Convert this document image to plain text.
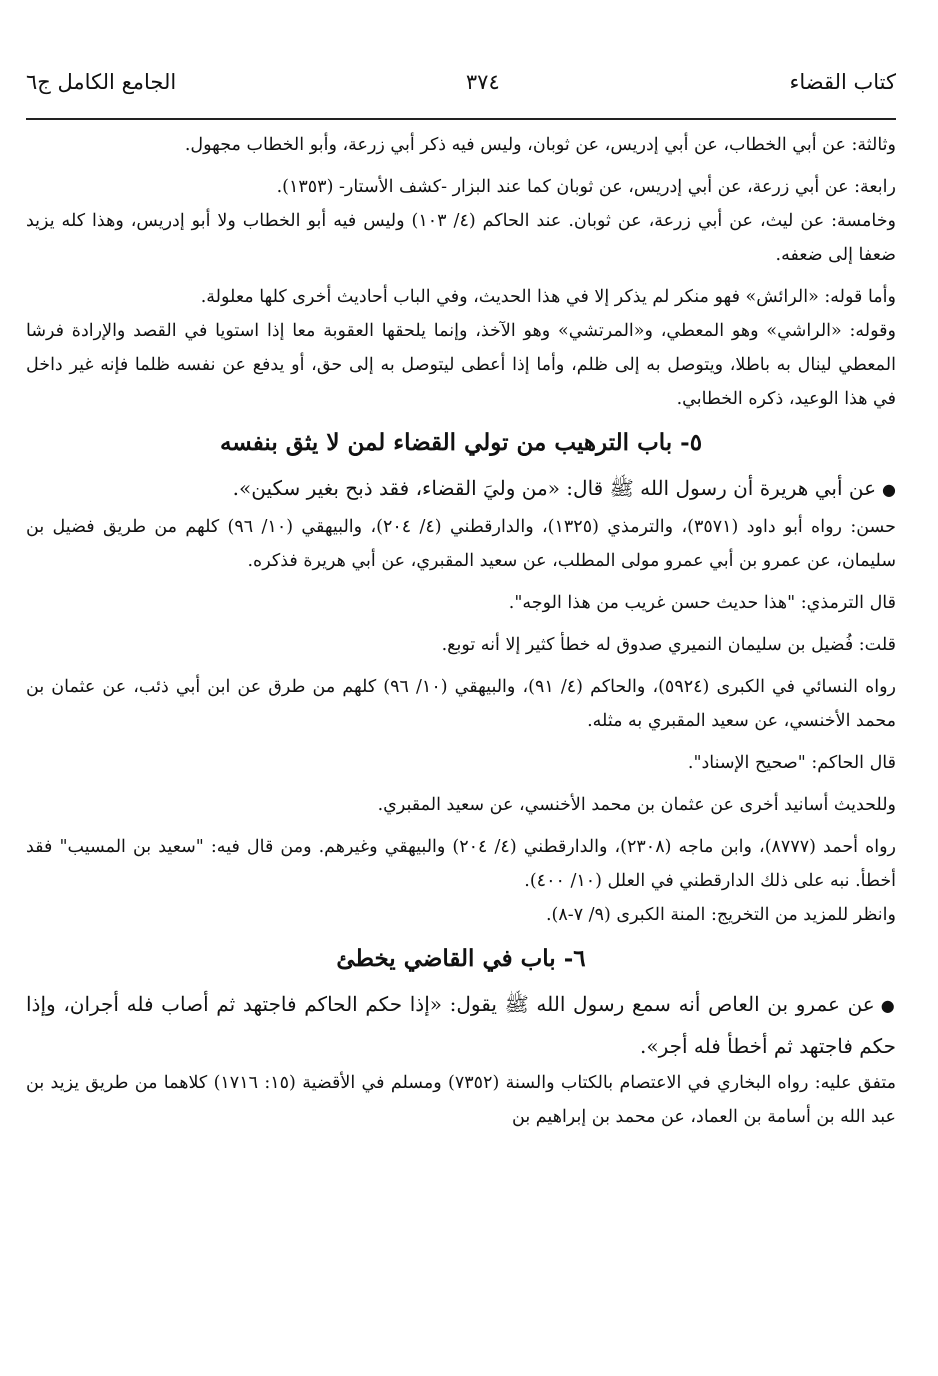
كتاب القضاء
٣٧٤
الجامع الكامل ج٦

وثالثة: عن أبي الخطاب، عن أبي إدريس، عن ثوبان، وليس فيه ذكر أبي زرعة، وأبو الخطاب مجهول.

رابعة: عن أبي زرعة، عن أبي إدريس، عن ثوبان كما عند البزار -كشف الأستار- (١٣٥٣).

وخامسة: عن ليث، عن أبي زرعة، عن ثوبان. عند الحاكم (٤/ ١٠٣) وليس فيه أبو الخطاب ولا أبو إدريس، وهذا كله يزيد ضعفا إلى ضعفه.

وأما قوله: «الرائش» فهو منكر لم يذكر إلا في هذا الحديث، وفي الباب أحاديث أخرى كلها معلولة.

وقوله: «الراشي» وهو المعطي، و«المرتشي» وهو الآخذ، وإنما يلحقها العقوبة معا إذا استويا في القصد والإرادة فرشا المعطي لينال به باطلا، ويتوصل به إلى ظلم، وأما إذا أعطى ليتوصل به إلى حق، أو يدفع عن نفسه ظلما فإنه غير داخل في هذا الوعيد، ذكره الخطابي.

٥- باب الترهيب من تولي القضاء لمن لا يثق بنفسه

●عن أبي هريرة أن رسول الله ﷺ قال: «من وليَ القضاء، فقد ذبح بغير سكين».

حسن: رواه أبو داود (٣٥٧١)، والترمذي (١٣٢٥)، والدارقطني (٤/ ٢٠٤)، والبيهقي (١٠/ ٩٦) كلهم من طريق فضيل بن سليمان، عن عمرو بن أبي عمرو مولى المطلب، عن سعيد المقبري، عن أبي هريرة فذكره.

قال الترمذي: "هذا حديث حسن غريب من هذا الوجه".

قلت: فُضيل بن سليمان النميري صدوق له خطأ كثير إلا أنه توبع.

رواه النسائي في الكبرى (٥٩٢٤)، والحاكم (٤/ ٩١)، والبيهقي (١٠/ ٩٦) كلهم من طرق عن ابن أبي ذئب، عن عثمان بن محمد الأخنسي، عن سعيد المقبري به مثله.

قال الحاكم: "صحيح الإسناد".

وللحديث أسانيد أخرى عن عثمان بن محمد الأخنسي، عن سعيد المقبري.

رواه أحمد (٨٧٧٧)، وابن ماجه (٢٣٠٨)، والدارقطني (٤/ ٢٠٤) والبيهقي وغيرهم. ومن قال فيه: "سعيد بن المسيب" فقد أخطأ. نبه على ذلك الدارقطني في العلل (١٠/ ٤٠٠).

وانظر للمزيد من التخريج: المنة الكبرى (٩/ ٧-٨).

٦- باب في القاضي يخطئ

●عن عمرو بن العاص أنه سمع رسول الله ﷺ يقول: «إذا حكم الحاكم فاجتهد ثم أصاب فله أجران، وإذا حكم فاجتهد ثم أخطأ فله أجر».

متفق عليه: رواه البخاري في الاعتصام بالكتاب والسنة (٧٣٥٢) ومسلم في الأقضية (١٥: ١٧١٦) كلاهما من طريق يزيد بن عبد الله بن أسامة بن العماد، عن محمد بن إبراهيم بن
